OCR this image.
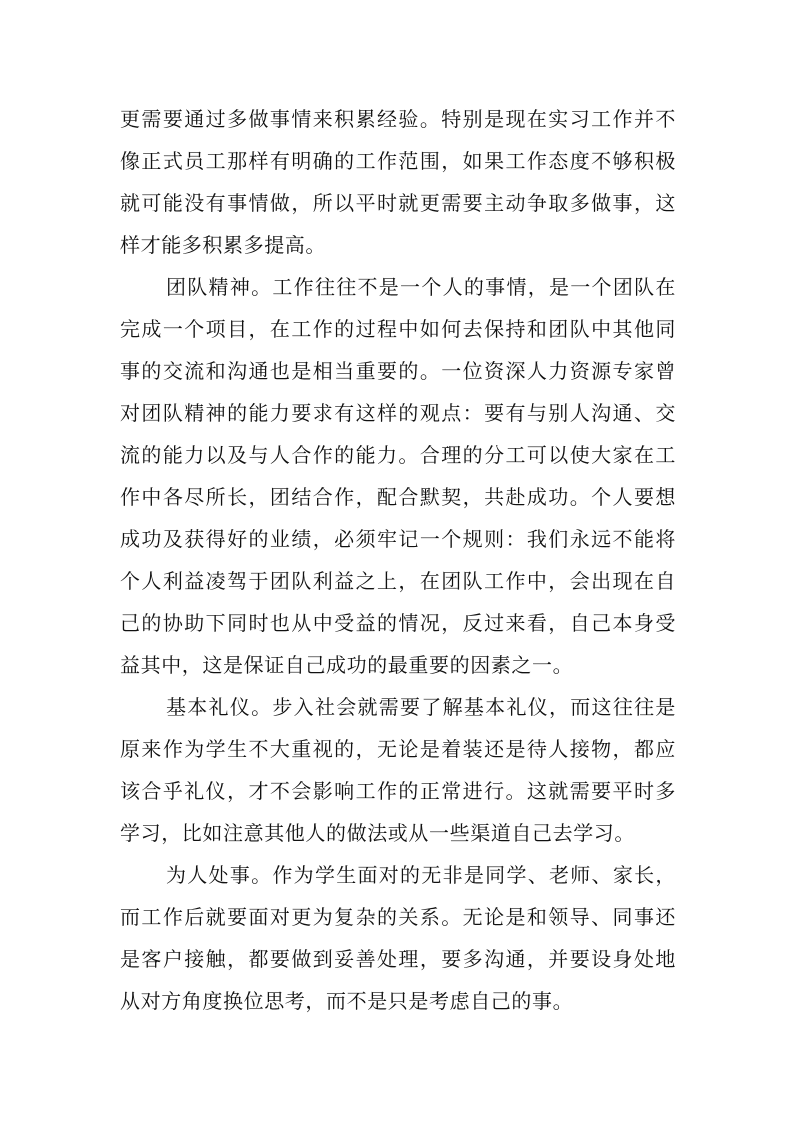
更需要通过多做事情来积累经验。特别是现在实习工作并不
像正式员工那样有明确的工作范围，如果工作态度不够积极
就可能没有事情做，所以平时就更需要主动争取多做事，这
样才能多积累多提高。
团队精神。工作往往不是一个人的事情，是一个团队在
完成一个项目，在工作的过程中如何去保持和团队中其他同
事的交流和沟通也是相当重要的。一位资深人力资源专家曾
对团队精神的能力要求有这样的观点：要有与别人沟通、交
流的能力以及与人合作的能力。合理的分工可以使大家在工
作中各尽所长，团结合作，配合默契，共赴成功。个人要想
成功及获得好的业绩，必须牢记一个规则：我们永远不能将
个人利益凌驾于团队利益之上，在团队工作中，会出现在自
己的协助下同时也从中受益的情况，反过来看，自己本身受
益其中，这是保证自己成功的最重要的因素之一。
基本礼仪。步入社会就需要了解基本礼仪，而这往往是
原来作为学生不大重视的，无论是着装还是待人接物，都应
该合乎礼仪，才不会影响工作的正常进行。这就需要平时多
学习，比如注意其他人的做法或从一些渠道自己去学习。
为人处事。作为学生面对的无非是同学、老师、家长，
而工作后就要面对更为复杂的关系。无论是和领导、同事还
是客户接触，都要做到妥善处理，要多沟通，并要设身处地
从对方角度换位思考，而不是只是考虑自己的事。
